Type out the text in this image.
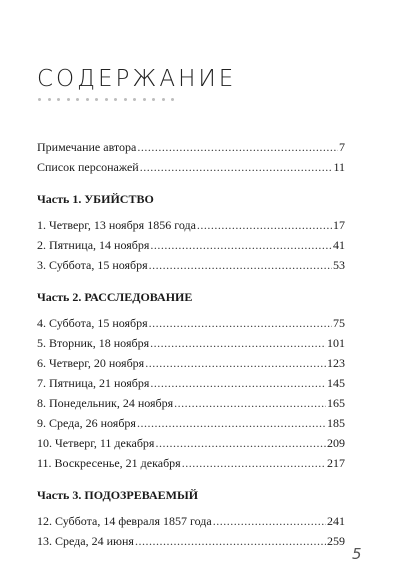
СОДЕРЖАНИЕ
Примечание автора .....	7
Список персонажей .....	11
Часть 1. УБИЙСТВО
1. Четверг, 13 ноября 1856 года .....	17
2. Пятница, 14 ноября .....	41
3. Суббота, 15 ноября .....	53
Часть 2. РАССЛЕДОВАНИЕ
4. Суббота, 15 ноября .....	75
5. Вторник, 18 ноября .....	101
6. Четверг, 20 ноября .....	123
7. Пятница, 21 ноября .....	145
8. Понедельник, 24 ноября .....	165
9. Среда, 26 ноября .....	185
10. Четверг, 11 декабря .....	209
11. Воскресенье, 21 декабря .....	217
Часть 3. ПОДОЗРЕВАЕМЫЙ
12. Суббота, 14 февраля 1857 года .....	241
13. Среда, 24 июня .....	259
5
